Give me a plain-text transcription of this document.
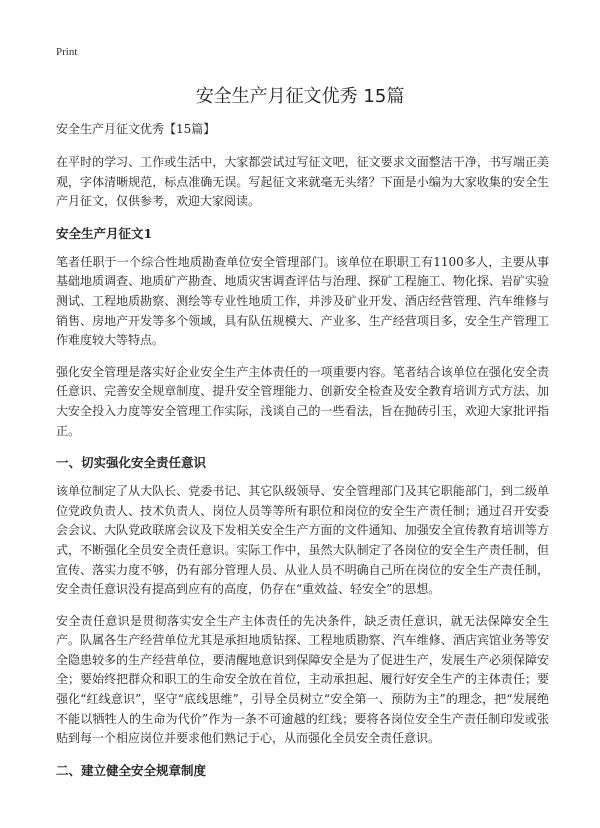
Print
安全生产月征文优秀 15篇
安全生产月征文优秀【15篇】

在平时的学习、工作或生活中，大家都尝试过写征文吧，征文要求文面整洁干净，书写端正美观，字体清晰规范，标点准确无误。写起征文来就毫无头绪？下面是小编为大家收集的安全生产月征文，仅供参考，欢迎大家阅读。

安全生产月征文1

笔者任职于一个综合性地质勘查单位安全管理部门。该单位在职职工有1100多人，主要从事基础地质调查、地质矿产勘查、地质灾害调查评估与治理、探矿工程施工、物化探、岩矿实验测试、工程地质勘察、测绘等专业性地质工作，并涉及矿业开发、酒店经营管理、汽车维修与销售、房地产开发等多个领域，具有队伍规模大、产业多、生产经营项目多，安全生产管理工作难度较大等特点。

强化安全管理是落实好企业安全生产主体责任的一项重要内容。笔者结合该单位在强化安全责任意识、完善安全规章制度、提升安全管理能力、创新安全检查及安全教育培训方式方法、加大安全投入力度等安全管理工作实际，浅谈自己的一些看法，旨在抛砖引玉，欢迎大家批评指正。

一、切实强化安全责任意识

该单位制定了从大队长、党委书记、其它队级领导、安全管理部门及其它职能部门，到二级单位党政负责人、技术负责人、岗位人员等等所有职位和岗位的安全生产责任制；通过召开安委会会议、大队党政联席会议及下发相关安全生产方面的文件通知、加强安全宣传教育培训等方式，不断强化全员安全责任意识。实际工作中，虽然大队制定了各岗位的安全生产责任制，但宣传、落实力度不够，仍有部分管理人员、从业人员不明确自己所在岗位的安全生产责任制，安全责任意识没有提高到应有的高度，仍存在“重效益、轻安全”的思想。

安全责任意识是贯彻落实安全生产主体责任的先决条件，缺乏责任意识，就无法保障安全生产。队属各生产经营单位尤其是承担地质钻探、工程地质勘察、汽车维修、酒店宾馆业务等安全隐患较多的生产经营单位，要清醒地意识到保障安全是为了促进生产，发展生产必须保障安全；要始终把群众和职工的生命安全放在首位，主动承担起、履行好安全生产的主体责任；要强化“红线意识”，坚守“底线思维”，引导全员树立“安全第一、预防为主”的理念，把“发展绝不能以牺牲人的生命为代价”作为一条不可逾越的红线；要将各岗位安全生产责任制印发或张贴到每一个相应岗位并要求他们熟记于心，从而强化全员安全责任意识。

二、建立健全安全规章制度
